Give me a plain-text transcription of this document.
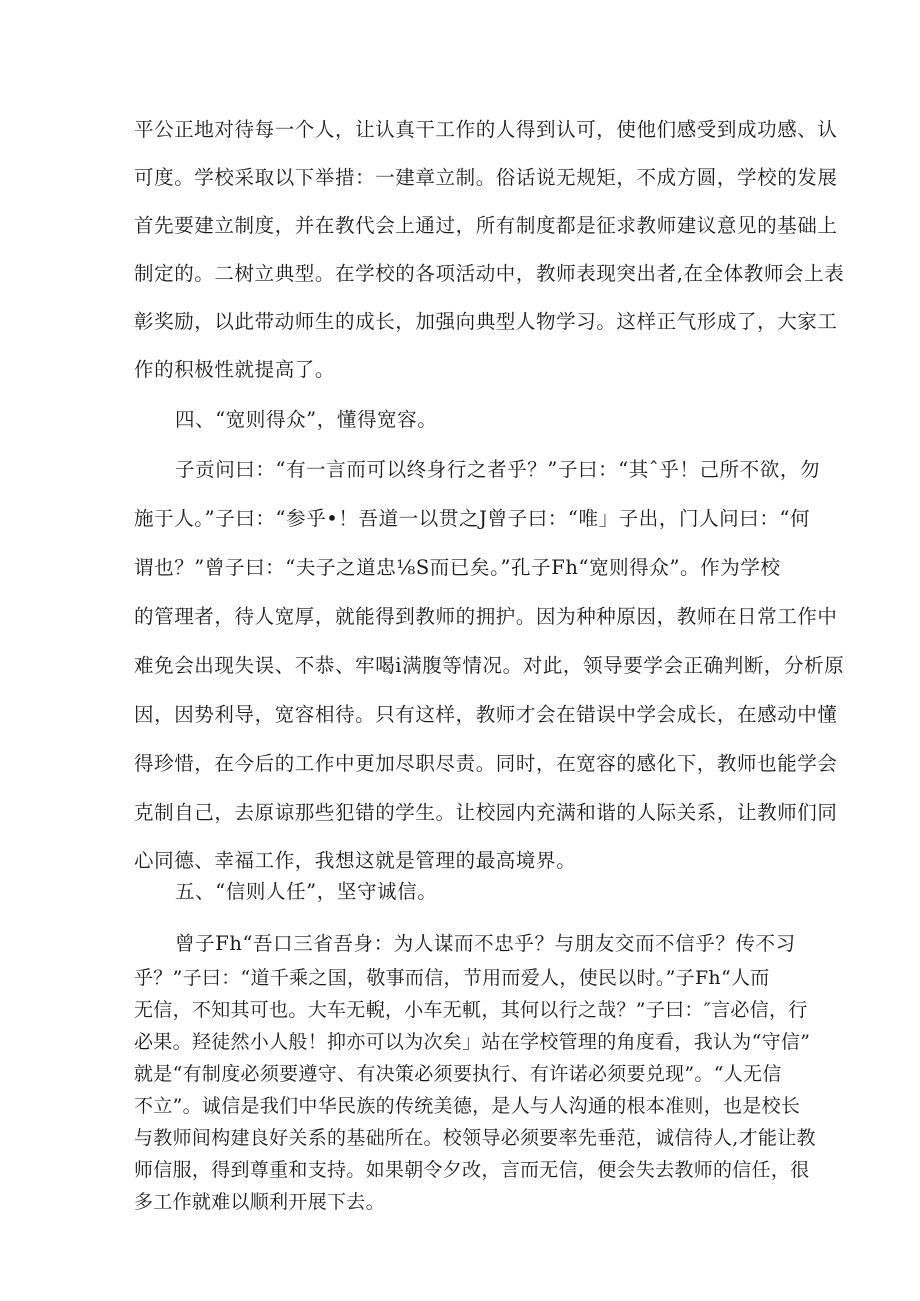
平公正地对待每一个人，让认真干工作的人得到认可，使他们感受到成功感、认
可度。学校采取以下举措：一建章立制。俗话说无规矩，不成方圆，学校的发展
首先要建立制度，并在教代会上通过，所有制度都是征求教师建议意见的基础上
制定的。二树立典型。在学校的各项活动中，教师表现突出者,在全体教师会上表
彰奖励，以此带动师生的成长，加强向典型人物学习。这样正气形成了，大家工
作的积极性就提高了。
四、“宽则得众”，懂得宽容。
子贡问曰：“有一言而可以终身行之者乎？”子曰：“其ˆ乎！己所不欲，勿
施于人。”子曰：“参乎•！吾道一以贯之J曾子曰：“唯」子出，门人问曰：“何
谓也？”曾子曰：“夫子之道忠⅛S而已矣。”孔子Fh“宽则得众”。作为学校
的管理者，待人宽厚，就能得到教师的拥护。因为种种原因，教师在日常工作中
难免会出现失误、不恭、牢喝i满腹等情况。对此，领导要学会正确判断，分析原
因，因势利导，宽容相待。只有这样，教师才会在错误中学会成长，在感动中懂
得珍惜，在今后的工作中更加尽职尽责。同时，在宽容的感化下，教师也能学会
克制自己，去原谅那些犯错的学生。让校园内充满和谐的人际关系，让教师们同
心同德、幸福工作，我想这就是管理的最高境界。
五、“信则人任”，坚守诚信。
曾子Fh“吾口三省吾身：为人谋而不忠乎？与朋友交而不信乎？传不习
乎？”子曰：“道千乘之国，敬事而信，节用而爱人，使民以时。”子Fh“人而
无信，不知其可也。大车无輗，小车无軏，其何以行之哉？”子曰：″言必信，行
必果。羟徒然小人般！抑亦可以为次矣」站在学校管理的角度看，我认为“守信”
就是“有制度必须要遵守、有决策必须要执行、有许诺必须要兑现”。“人无信
不立”。诚信是我们中华民族的传统美德，是人与人沟通的根本准则，也是校长
与教师间构建良好关系的基础所在。校领导必须要率先垂范，诚信待人,才能让教
师信服，得到尊重和支持。如果朝令夕改，言而无信，便会失去教师的信任，很
多工作就难以顺利开展下去。
